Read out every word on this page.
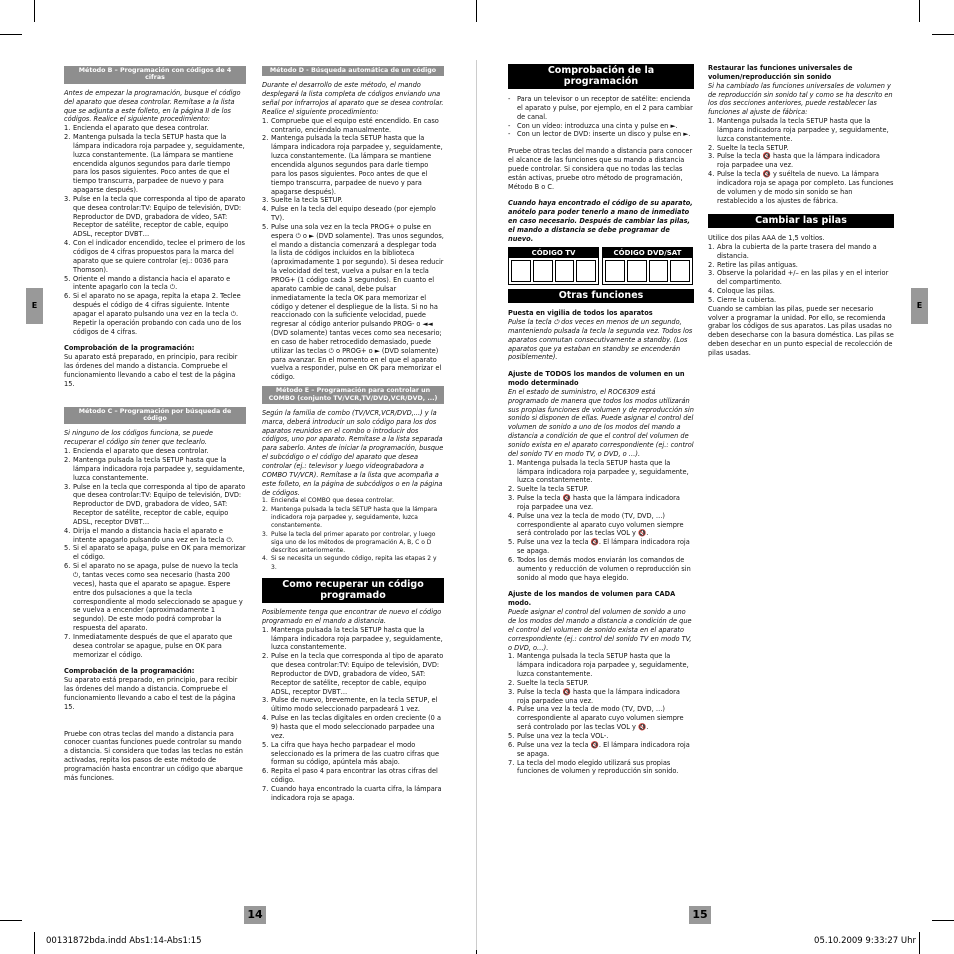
E	E
14	15
00131872bda.indd Abs1:14-Abs1:15	05.10.2009 9:33:27 Uhr
Método B – Programación con códigos de 4 cifras

Antes de empezar la programación, busque el código del aparato que desea controlar. Remítase a la lista que se adjunta a este folleto, en la página II de los códigos. Realice el siguiente procedimiento:

1. Encienda el aparato que desea controlar.
2. Mantenga pulsada la tecla SETUP hasta que la lámpara indicadora roja parpadee y, seguidamente, luzca constantemente. (La lámpara se mantiene encendida algunos segundos para darle tiempo para los pasos siguientes. Poco antes de que el tiempo transcurra, parpadee de nuevo y para apagarse después).
3. Pulse en la tecla que corresponda al tipo de aparato que desea controlar:TV: Equipo de televisión, DVD: Reproductor de DVD, grabadora de vídeo, SAT: Receptor de satélite, receptor de cable, equipo ADSL, receptor DVBT…
4. Con el indicador encendido, teclee el primero de los códigos de 4 cifras propuestos para la marca del aparato que se quiere controlar (ej.: 0036 para Thomson).
5. Oriente el mando a distancia hacia el aparato e intente apagarlo con la tecla ⏻.
6. Si el aparato no se apaga, repita la etapa 2. Teclee después el código de 4 cifras siguiente. Intente apagar el aparato pulsando una vez en la tecla ⏻. Repetir la operación probando con cada uno de los códigos de 4 cifras.

Comprobación de la programación:

Su aparato está preparado, en principio, para recibir las órdenes del mando a distancia. Compruebe el funcionamiento llevando a cabo el test de la página 15.

Método C – Programación por búsqueda de código

Si ninguno de los códigos funciona, se puede recuperar el código sin tener que teclearlo.

1. Encienda el aparato que desea controlar.
2. Mantenga pulsada la tecla SETUP hasta que la lámpara indicadora roja parpadee y, seguidamente, luzca constantemente.
3. Pulse en la tecla que corresponda al tipo de aparato que desea controlar:TV: Equipo de televisión, DVD: Reproductor de DVD, grabadora de vídeo, SAT: Receptor de satélite, receptor de cable, equipo ADSL, receptor DVBT…
4. Dirija el mando a distancia hacia el aparato e intente apagarlo pulsando una vez en la tecla ⏻.
5. Si el aparato se apaga, pulse en OK para memorizar el código.
6. Si el aparato no se apaga, pulse de nuevo la tecla ⏻, tantas veces como sea necesario (hasta 200 veces), hasta que el aparato se apague. Espere entre dos pulsaciones a que la tecla correspondiente al modo seleccionado se apague y se vuelva a encender (aproximadamente 1 segundo). De este modo podrá comprobar la respuesta del aparato.
7. Inmediatamente después de que el aparato que desea controlar se apague, pulse en OK para memorizar el código.

Comprobación de la programación:

Su aparato está preparado, en principio, para recibir las órdenes del mando a distancia. Compruebe el funcionamiento llevando a cabo el test de la página 15.

Pruebe con otras teclas del mando a distancia para conocer cuantas funciones puede controlar su mando a distancia. Si considera que todas las teclas no están activadas, repita los pasos de este método de programación hasta encontrar un código que abarque más funciones.

Método D - Búsqueda automática de un código

Durante el desarrollo de este método, el mando desplegará la lista completa de códigos enviando una señal por infrarrojos al aparato que se desea controlar. Realice el siguiente procedimiento:

1. Compruebe que el equipo esté encendido. En caso contrario, enciéndalo manualmente.
2. Mantenga pulsada la tecla SETUP hasta que la lámpara indicadora roja parpadee y, seguidamente, luzca constantemente. (La lámpara se mantiene encendida algunos segundos para darle tiempo para los pasos siguientes. Poco antes de que el tiempo transcurra, parpadee de nuevo y para apagarse después).
3. Suelte la tecla SETUP.
4. Pulse en la tecla del equipo deseado (por ejemplo TV).
5. Pulse una sola vez en la tecla PROG+ o pulse en espera ⏻ o ► (DVD solamente). Tras unos segundos, el mando a distancia comenzará a desplegar toda la lista de códigos incluidos en la biblioteca (aproximadamente 1 por segundo). Si desea reducir la velocidad del test, vuelva a pulsar en la tecla PROG+ (1 código cada 3 segundos). En cuanto el aparato cambie de canal, debe pulsar inmediatamente la tecla OK para memorizar el código y detener el despliegue de la lista. Si no ha reaccionado con la suficiente velocidad, puede regresar al código anterior pulsando PROG- o ◄◄ (DVD solamente) tantas veces como sea necesario; en caso de haber retrocedido demasiado, puede utilizar las teclas ⏻ o PROG+ o ► (DVD solamente) para avanzar. En el momento en el que el aparato vuelva a responder, pulse en OK para memorizar el código.
Método E – Programación para controlar un COMBO (conjunto TV/VCR,TV/DVD,VCR/DVD, ...)

Según la familia de combo (TV/VCR,VCR/DVD,...) y la marca, deberá introducir un solo código para los dos aparatos reunidos en el combo o introducir dos códigos, uno por aparato. Remítase a la lista separada para saberlo. Antes de iniciar la programación, busque el subcódigo o el código del aparato que desea controlar (ej.: televisor y luego videograbadora a COMBO TV/VCR). Remítase a la lista que acompaña a este folleto, en la página de subcódigos o en la página de códigos.

1. Encienda el COMBO que desea controlar.
2. Mantenga pulsada la tecla SETUP hasta que la lámpara indicadora roja parpadee y, seguidamente, luzca constantemente.
3. Pulse la tecla del primer aparato por controlar, y luego siga uno de los métodos de programación A, B, C o D descritos anteriormente.
4. Si se necesita un segundo código, repita las etapas 2 y 3.
Como recuperar un código programado

Posiblemente tenga que encontrar de nuevo el código programado en el mando a distancia.

1. Mantenga pulsada la tecla SETUP hasta que la lámpara indicadora roja parpadee y, seguidamente, luzca constantemente.
2. Pulse en la tecla que corresponda al tipo de aparato que desea controlar:TV: Equipo de televisión, DVD: Reproductor de DVD, grabadora de vídeo, SAT: Receptor de satélite, receptor de cable, equipo ADSL, receptor DVBT…
3. Pulse de nuevo, brevemente, en la tecla SETUP, el último modo seleccionado parpadeará 1 vez.
4. Pulse en las teclas digitales en orden creciente (0 a 9) hasta que el modo seleccionado parpadee una vez.
5. La cifra que haya hecho parpadear el modo seleccionado es la primera de las cuatro cifras que forman su código, apúntela más abajo.
6. Repita el paso 4 para encontrar las otras cifras del código.
7. Cuando haya encontrado la cuarta cifra, la lámpara indicadora roja se apaga.
Comprobación de la programación
- Para un televisor o un receptor de satélite: encienda el aparato y pulse, por ejemplo, en el 2 para cambiar de canal.
- Con un vídeo: introduzca una cinta y pulse en ►.
- Con un lector de DVD: inserte un disco y pulse en ►.

Pruebe otras teclas del mando a distancia para conocer el alcance de las funciones que su mando a distancia puede controlar. Si considera que no todas las teclas están activas, pruebe otro método de programación, Método B o C.

Cuando haya encontrado el código de su aparato, anótelo para poder tenerlo a mano de inmediato en caso necesario. Después de cambiar las pilas, el mando a distancia se debe programar de nuevo.

CÓDIGO TV	CÓDIGO DVD/SAT
Otras funciones

Puesta en vigilia de todos los aparatos

Pulse la tecla ⏻ dos veces en menos de un segundo, manteniendo pulsada la tecla la segunda vez. Todos los aparatos conmutan consecutivamente a standby. (Los aparatos que ya estaban en standby se encenderán posiblemente).

Ajuste de TODOS los mandos de volumen en un modo determinado

En el estado de suministro, el ROC6309 está programado de manera que todos los modos utilizarán sus propias funciones de volumen y de reproducción sin sonido si disponen de ellas. Puede asignar el control del volumen de sonido a uno de los modos del mando a distancia a condición de que el control del volumen de sonido exista en el aparato correspondiente (ej.: control del sonido TV en modo TV, o DVD, o …).

1. Mantenga pulsada la tecla SETUP hasta que la lámpara indicadora roja parpadee y, seguidamente, luzca constantemente.
2. Suelte la tecla SETUP.
3. Pulse la tecla 🔇 hasta que la lámpara indicadora roja parpadee una vez.
4. Pulse una vez la tecla de modo (TV, DVD, …) correspondiente al aparato cuyo volumen siempre será controlado por las teclas VOL y 🔇.
5. Pulse una vez la tecla 🔇. El lámpara indicadora roja se apaga.
6. Todos los demás modos enviarán los comandos de aumento y reducción de volumen o reproducción sin sonido al modo que haya elegido.

Ajuste de los mandos de volumen para CADA modo.

Puede asignar el control del volumen de sonido a uno de los modos del mando a distancia a condición de que el control del volumen de sonido exista en el aparato correspondiente (ej.: control del sonido TV en modo TV, o DVD, o…).

1. Mantenga pulsada la tecla SETUP hasta que la lámpara indicadora roja parpadee y, seguidamente, luzca constantemente.
2. Suelte la tecla SETUP.
3. Pulse la tecla 🔇 hasta que la lámpara indicadora roja parpadee una vez.
4. Pulse una vez la tecla de modo (TV, DVD, …) correspondiente al aparato cuyo volumen siempre será controlado por las teclas VOL y 🔇.
5. Pulse una vez la tecla VOL-.
6. Pulse una vez la tecla 🔇. El lámpara indicadora roja se apaga.
7. La tecla del modo elegido utilizará sus propias funciones de volumen y reproducción sin sonido.

Restaurar las funciones universales de volumen/reproducción sin sonido

Si ha cambiado las funciones universales de volumen y de reproducción sin sonido tal y como se ha descrito en los dos secciones anteriores, puede restablecer las funciones al ajuste de fábrica:

1. Mantenga pulsada la tecla SETUP hasta que la lámpara indicadora roja parpadee y, seguidamente, luzca constantemente.
2. Suelte la tecla SETUP.
3. Pulse la tecla 🔇 hasta que la lámpara indicadora roja parpadee una vez.
4. Pulse la tecla 🔇 y suéltela de nuevo. La lámpara indicadora roja se apaga por completo. Las funciones de volumen y de modo sin sonido se han restablecido a los ajustes de fábrica.
Cambiar las pilas

Utilice dos pilas AAA de 1,5 voltios.

1. Abra la cubierta de la parte trasera del mando a distancia.
2. Retire las pilas antiguas.
3. Observe la polaridad +/– en las pilas y en el interior del compartimento.
4. Coloque las pilas.
5. Cierre la cubierta.

Cuando se cambian las pilas, puede ser necesario volver a programar la unidad. Por ello, se recomienda grabar los códigos de sus aparatos. Las pilas usadas no deben desecharse con la basura doméstica. Las pilas se deben desechar en un punto especial de recolección de pilas usadas.
